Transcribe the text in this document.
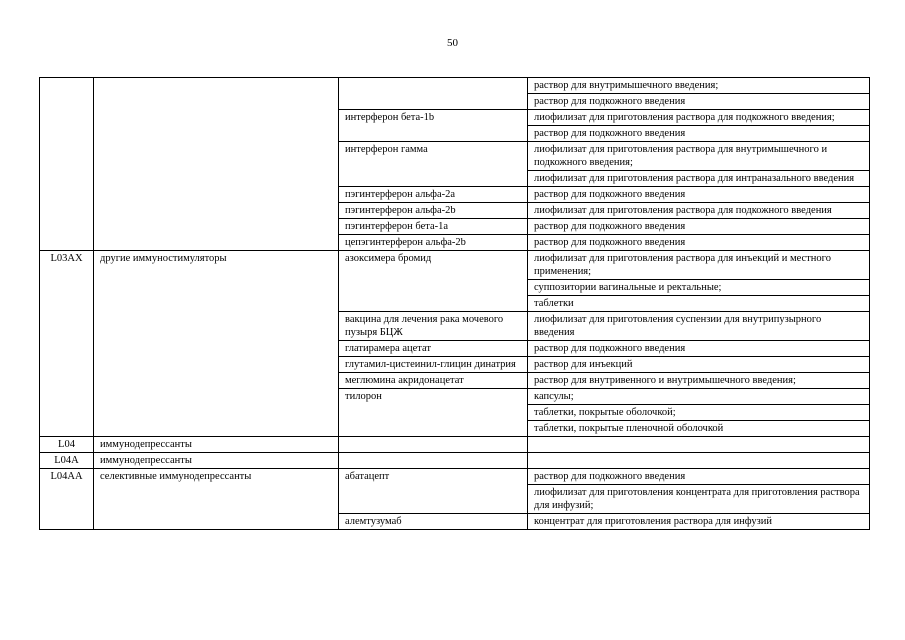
50
			раствор для внутримышечного введения;
			раствор для подкожного введения
		интерферон бета-1b	лиофилизат для приготовления раствора для подкожного введения;
			раствор для подкожного введения
		интерферон гамма	лиофилизат для приготовления раствора для внутримышечного и подкожного введения;
			лиофилизат для приготовления раствора для интраназального введения
		пэгинтерферон альфа-2a	раствор для подкожного введения
		пэгинтерферон альфа-2b	лиофилизат для приготовления раствора для подкожного введения
		пэгинтерферон бета-1a	раствор для подкожного введения
		цепэгинтерферон альфа-2b	раствор для подкожного введения
L03AX	другие иммуностимуляторы	азоксимера бромид	лиофилизат для приготовления раствора для инъекций и местного применения;
			суппозитории вагинальные и ректальные;
			таблетки
		вакцина для лечения рака мочевого пузыря БЦЖ	лиофилизат для приготовления суспензии для внутрипузырного введения
		глатирамера ацетат	раствор для подкожного введения
		глутамил-цистеинил-глицин динатрия	раствор для инъекций
		меглюмина акридонацетат	раствор для внутривенного и внутримышечного введения;
		тилорон	капсулы;
			таблетки, покрытые оболочкой;
			таблетки, покрытые пленочной оболочкой
L04	иммунодепрессанты		
L04A	иммунодепрессанты		
L04AA	селективные иммунодепрессанты	абатацепт	раствор для подкожного введения
			лиофилизат для приготовления концентрата для приготовления раствора для инфузий;
		алемтузумаб	концентрат для приготовления раствора для инфузий
